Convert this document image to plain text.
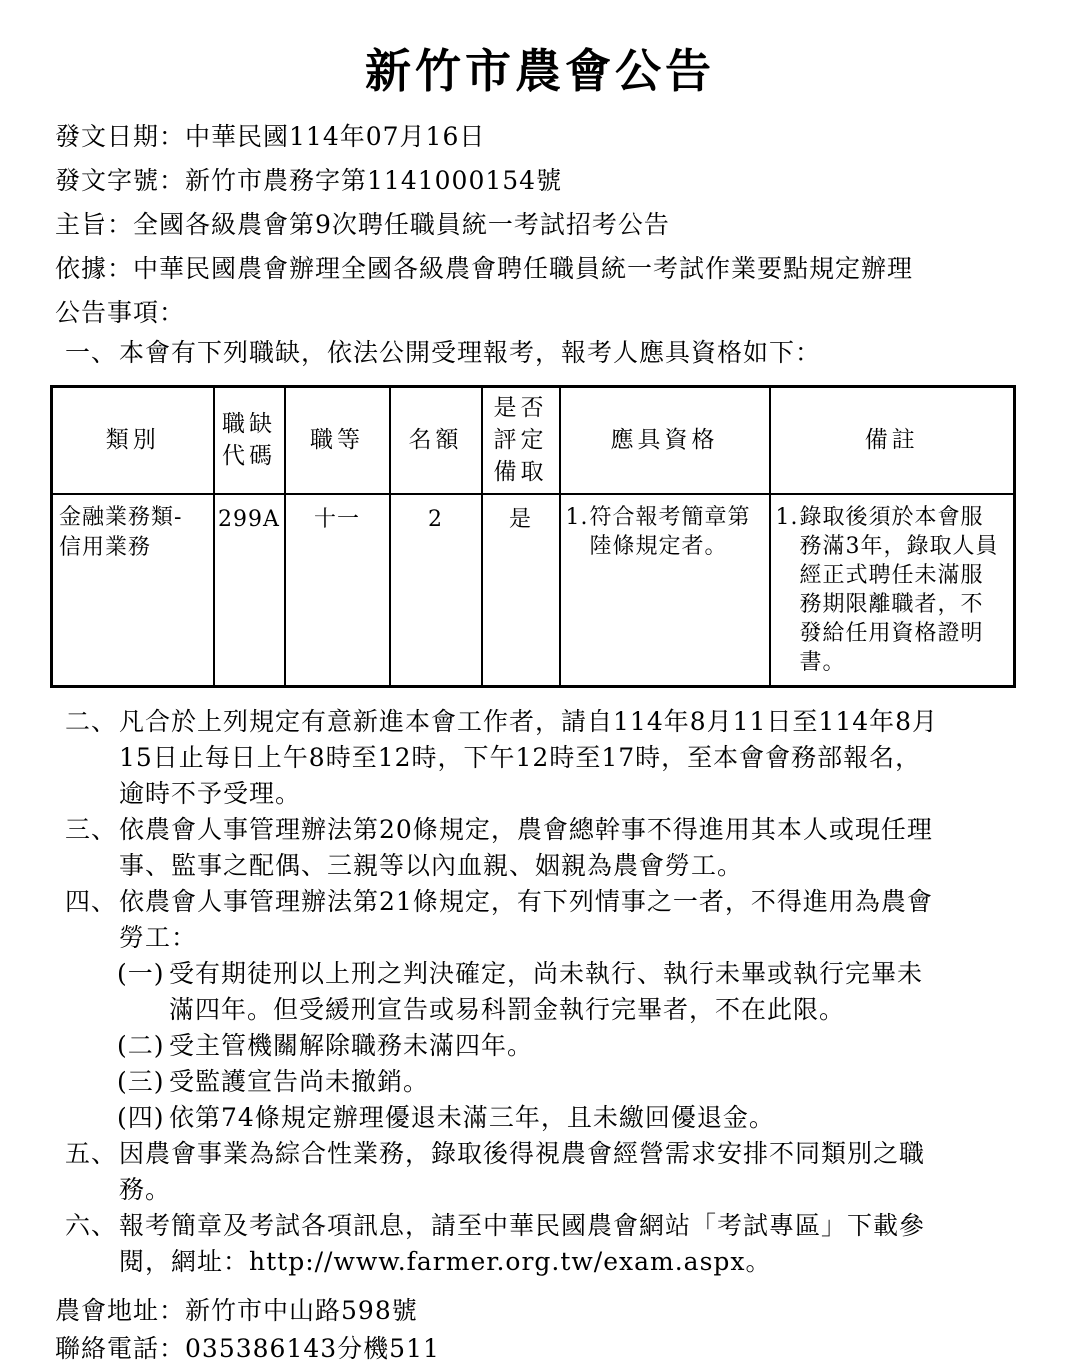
新竹市農會公告
發文日期：中華民國114年07月16日
發文字號：新竹市農務字第1141000154號
主旨：全國各級農會第9次聘任職員統一考試招考公告
依據：中華民國農會辦理全國各級農會聘任職員統一考試作業要點規定辦理
公告事項：
一、 本會有下列職缺，依法公開受理報考，報考人應具資格如下：
類別	職缺代碼	職等	名額	是否評定備取	應具資格	備註
金融業務類-信用業務	299A	十一	2	是	1. 符合報考簡章第陸條規定者。	1. 錄取後須於本會服務滿3年，錄取人員經正式聘任未滿服務期限離職者，不發給任用資格證明書。
二、 凡合於上列規定有意新進本會工作者，請自114年8月11日至114年8月15日止每日上午8時至12時，下午12時至17時，至本會會務部報名，逾時不予受理。
三、 依農會人事管理辦法第20條規定，農會總幹事不得進用其本人或現任理事、監事之配偶、三親等以內血親、姻親為農會勞工。
四、 依農會人事管理辦法第21條規定，有下列情事之一者，不得進用為農會勞工：
(一) 受有期徒刑以上刑之判決確定，尚未執行、執行未畢或執行完畢未滿四年。但受緩刑宣告或易科罰金執行完畢者，不在此限。
(二) 受主管機關解除職務未滿四年。
(三) 受監護宣告尚未撤銷。
(四) 依第74條規定辦理優退未滿三年，且未繳回優退金。
五、 因農會事業為綜合性業務，錄取後得視農會經營需求安排不同類別之職務。
六、 報考簡章及考試各項訊息，請至中華民國農會網站「考試專區」下載參閱，網址：http://www.farmer.org.tw/exam.aspx。
農會地址：新竹市中山路598號
聯絡電話：035386143分機511
